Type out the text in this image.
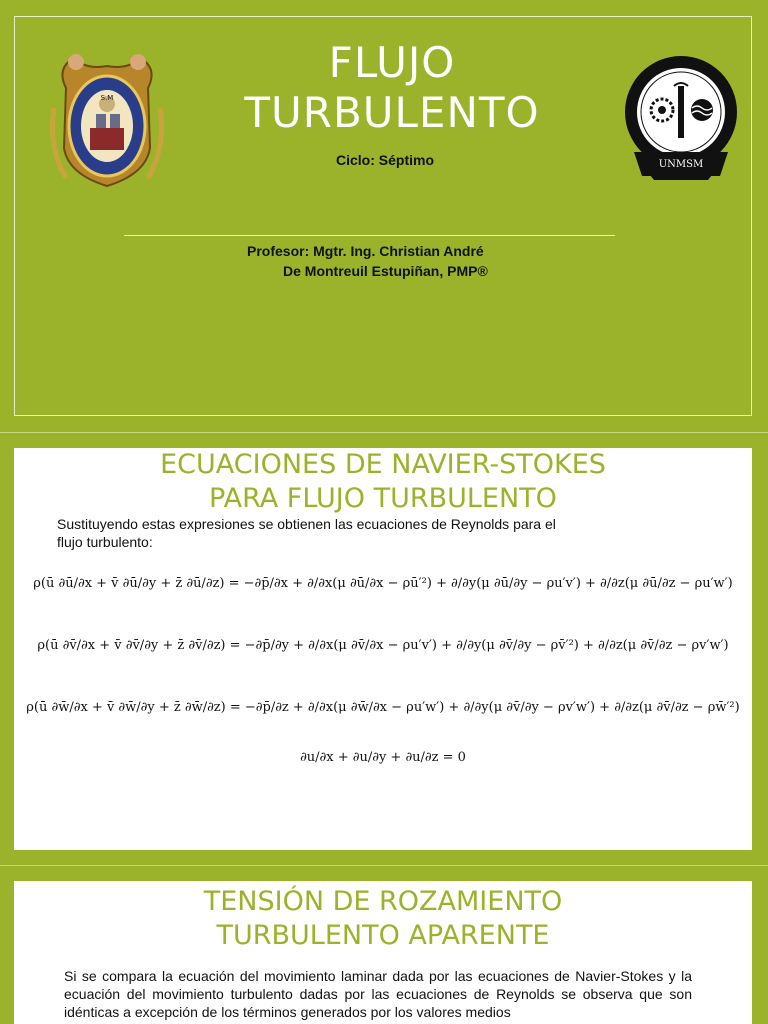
S.M
FLUJO
TURBULENTO
UNMSM
Ciclo: Séptimo
Profesor: Mgtr. Ing. Christian André
De Montreuil Estupiñan, PMP®
ECUACIONES DE NAVIER-STOKES
PARA FLUJO TURBULENTO
Sustituyendo estas expresiones se obtienen las ecuaciones de Reynolds para el flujo turbulento:
ρ(ū ∂ū/∂x + v̄ ∂ū/∂y + z̄ ∂ū/∂z) = −∂p̄/∂x + ∂/∂x(μ ∂ū/∂x − ρū′²) + ∂/∂y(μ ∂ū/∂y − ρu′v′) + ∂/∂z(μ ∂ū/∂z − ρu′w′)
ρ(ū ∂v̄/∂x + v̄ ∂v̄/∂y + z̄ ∂v̄/∂z) = −∂p̄/∂y + ∂/∂x(μ ∂v̄/∂x − ρu′v′) + ∂/∂y(μ ∂v̄/∂y − ρv̄′²) + ∂/∂z(μ ∂v̄/∂z − ρv′w′)
ρ(ū ∂w̄/∂x + v̄ ∂w̄/∂y + z̄ ∂w̄/∂z) = −∂p̄/∂z + ∂/∂x(μ ∂w̄/∂x − ρu′w′) + ∂/∂y(μ ∂v̄/∂y − ρv′w′) + ∂/∂z(μ ∂v̄/∂z − ρw̄′²)
∂u/∂x + ∂u/∂y + ∂u/∂z = 0
TENSIÓN DE ROZAMIENTO
TURBULENTO APARENTE
Si se compara la ecuación del movimiento laminar dada por las ecuaciones de Navier-Stokes y la ecuación del movimiento turbulento dadas por las ecuaciones de Reynolds se observa que son idénticas a excepción de los términos generados por los valores medios
